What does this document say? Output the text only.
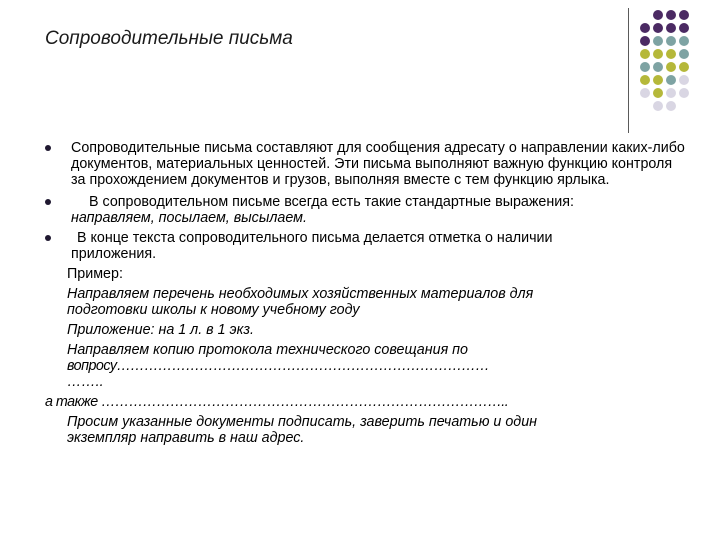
Сопроводительные письма
Сопроводительные письма составляют для сообщения адресату о направлении каких-либо документов, материальных ценностей. Эти письма выполняют важную функцию контроля за прохождением документов и грузов, выполняя вместе с тем функцию ярлыка.
В сопроводительном письме всегда есть такие стандартные выражения:
направляем, посылаем, высылаем.
В конце текста сопроводительного письма делается отметка о наличии
приложения.
Пример:
Направляем перечень необходимых хозяйственных материалов для
подготовки школы к новому учебному году
Приложение: на 1 л. в 1 экз.
Направляем копию протокола технического совещания по
вопросу………………………………………………………………………
……..
а также ……………………………………………………………………………..
Просим указанные документы подписать, заверить печатью и один
экземпляр направить в наш адрес.
